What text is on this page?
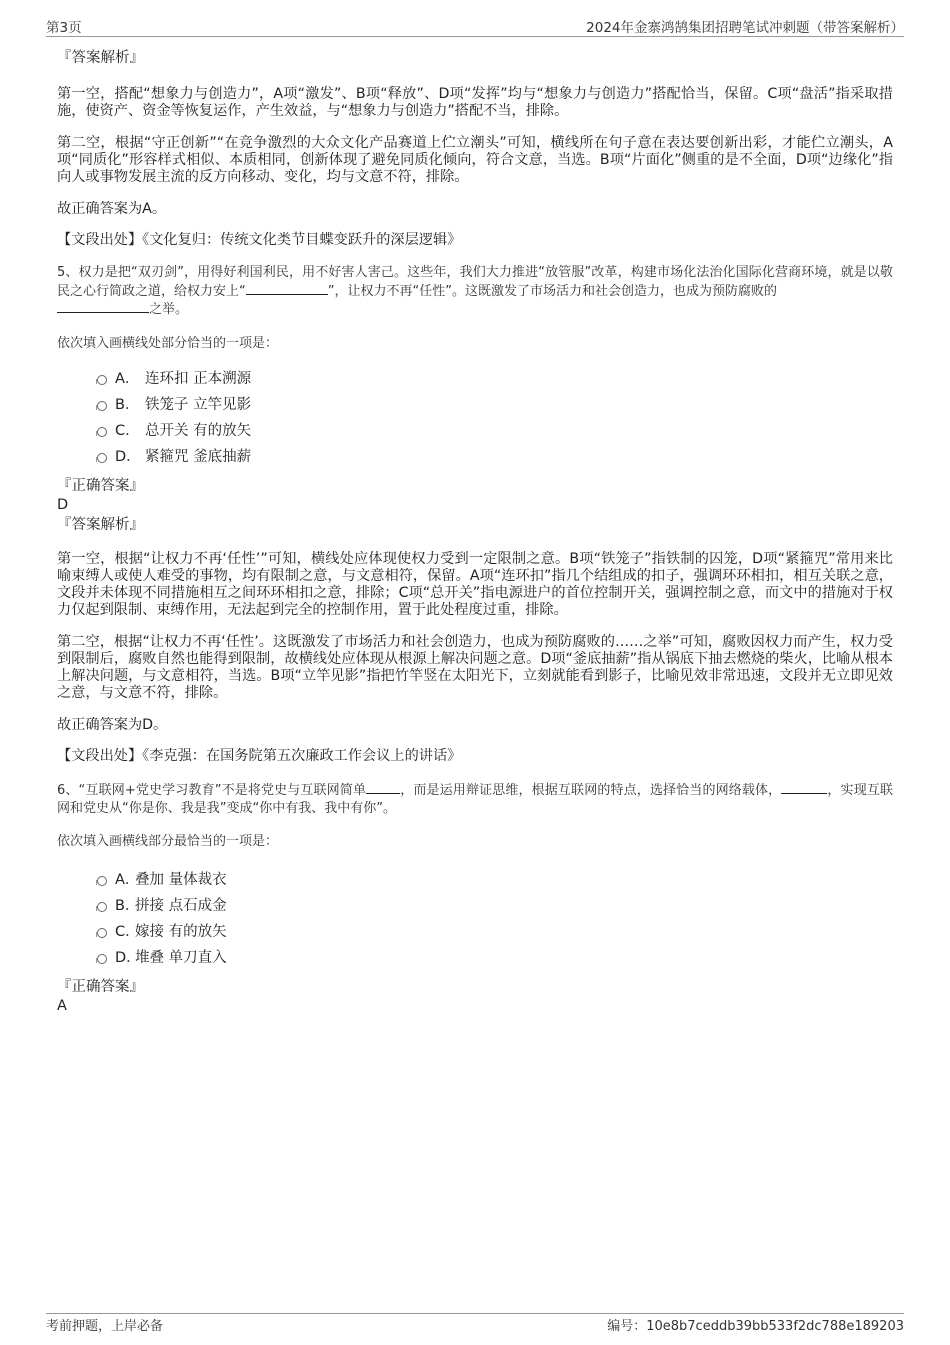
第3页	2024年金寨鸿鹄集团招聘笔试冲刺题（带答案解析）
『答案解析』

第一空，搭配“想象力与创造力”，A项“激发”、B项“释放”、D项“发挥”均与“想象力与创造力”搭配恰当，保留。C项“盘活”指采取措施，使资产、资金等恢复运作，产生效益，与“想象力与创造力”搭配不当，排除。

第二空，根据“守正创新”“在竞争激烈的大众文化产品赛道上伫立潮头”可知，横线所在句子意在表达要创新出彩，才能伫立潮头，A项“同质化”形容样式相似、本质相同，创新体现了避免同质化倾向，符合文意，当选。B项“片面化”侧重的是不全面，D项“边缘化”指向人或事物发展主流的反方向移动、变化，均与文意不符，排除。

故正确答案为A。

【文段出处】《文化复归：传统文化类节目蝶变跃升的深层逻辑》

5、权力是把“双刃剑”，用得好利国利民，用不好害人害己。这些年，我们大力推进“放管服”改革，构建市场化法治化国际化营商环境，就是以敬民之心行简政之道，给权力安上“	”，让权力不再“任性”。这既激发了市场活力和社会创造力，也成为预防腐败的
之举。

依次填入画横线处部分恰当的一项是：

A． 连环扣 正本溯源
B． 铁笼子 立竿见影
C． 总开关 有的放矢
D． 紧箍咒 釜底抽薪
『正确答案』
D
『答案解析』

第一空，根据“让权力不再‘任性’”可知，横线处应体现使权力受到一定限制之意。B项“铁笼子”指铁制的囚笼，D项“紧箍咒”常用来比喻束缚人或使人难受的事物，均有限制之意，与文意相符，保留。A项“连环扣”指几个结组成的扣子，强调环环相扣，相互关联之意，文段并未体现不同措施相互之间环环相扣之意，排除；C项“总开关”指电源进户的首位控制开关，强调控制之意，而文中的措施对于权力仅起到限制、束缚作用，无法起到完全的控制作用，置于此处程度过重，排除。

第二空，根据“让权力不再‘任性’。这既激发了市场活力和社会创造力，也成为预防腐败的……之举”可知，腐败因权力而产生，权力受到限制后，腐败自然也能得到限制，故横线处应体现从根源上解决问题之意。D项“釜底抽薪”指从锅底下抽去燃烧的柴火，比喻从根本上解决问题，与文意相符，当选。B项“立竿见影”指把竹竿竖在太阳光下，立刻就能看到影子，比喻见效非常迅速，文段并无立即见效之意，与文意不符，排除。

故正确答案为D。

【文段出处】《李克强：在国务院第五次廉政工作会议上的讲话》

6、“互联网+党史学习教育”不是将党史与互联网简单	，而是运用辩证思维，根据互联网的特点，选择恰当的网络载体，	，实现互联网和党史从“你是你、我是我”变成“你中有我、我中有你”。

依次填入画横线部分最恰当的一项是：

A．
叠加 量体裁衣
B．
拼接 点石成金
C．
嫁接 有的放矢
D．
堆叠 单刀直入
『正确答案』
A
考前押题，上岸必备	编号：10e8b7ceddb39bb533f2dc788e189203
